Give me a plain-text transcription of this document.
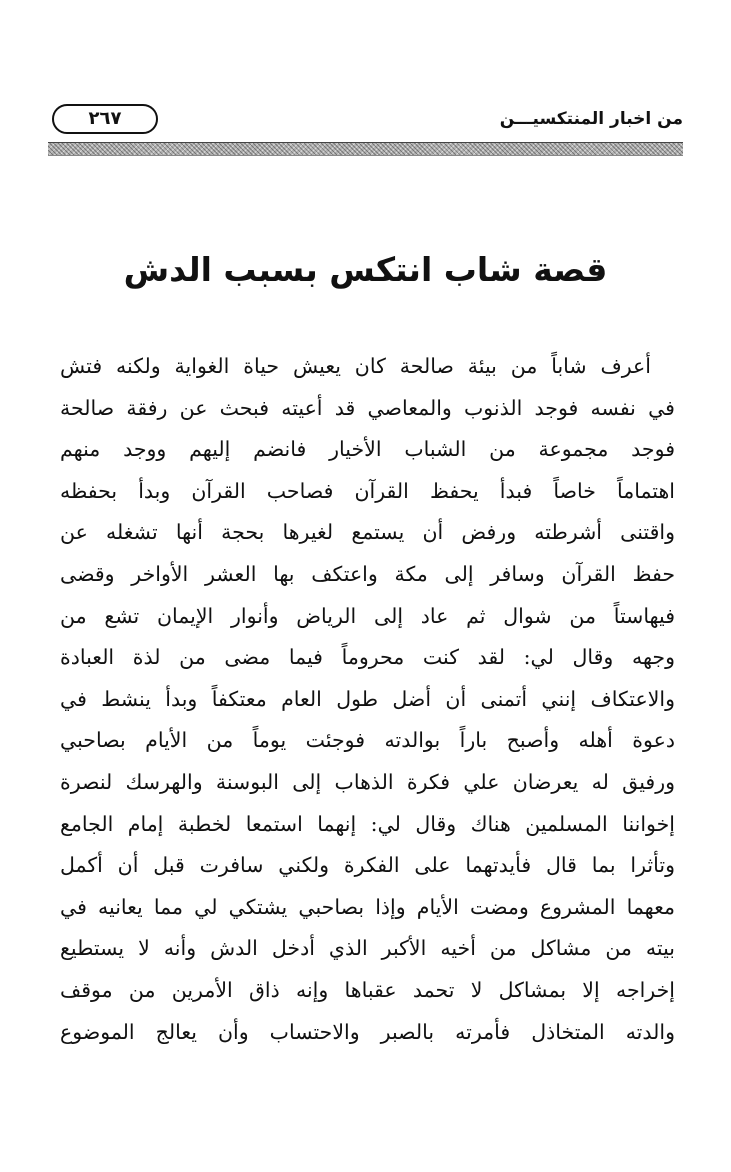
من اخبار المنتكسيـــن
٢٦٧
قصة شاب انتكس بسبب الدش
أعرف شاباً من بيئة صالحة كان يعيش حياة الغواية ولكنه فتش
في نفسه فوجد الذنوب والمعاصي قد أعيته فبحث عن رفقة صالحة
فوجد مجموعة من الشباب الأخيار فانضم إليهم ووجد منهم
اهتماماً خاصاً فبدأ يحفظ القرآن فصاحب القرآن وبدأ بحفظه
واقتنى أشرطته ورفض أن يستمع لغيرها بحجة أنها تشغله عن
حفظ القرآن وسافر إلى مكة واعتكف بها العشر الأواخر وقضى
فيهاستاً من شوال ثم عاد إلى الرياض وأنوار الإيمان تشع من
وجهه وقال لي: لقد كنت محروماً فيما مضى من لذة العبادة
والاعتكاف إنني أتمنى أن أضل طول العام معتكفاً وبدأ ينشط في
دعوة أهله وأصبح باراً بوالدته فوجئت يوماً من الأيام بصاحبي
ورفيق له يعرضان علي فكرة الذهاب إلى البوسنة والهرسك لنصرة
إخواننا المسلمين هناك وقال لي: إنهما استمعا لخطبة إمام الجامع
وتأثرا بما قال فأيدتهما على الفكرة ولكني سافرت قبل أن أكمل
معهما المشروع ومضت الأيام وإذا بصاحبي يشتكي لي مما يعانيه في
بيته من مشاكل من أخيه الأكبر الذي أدخل الدش وأنه لا يستطيع
إخراجه إلا بمشاكل لا تحمد عقباها وإنه ذاق الأمرين من موقف
والدته المتخاذل فأمرته بالصبر والاحتساب وأن يعالج الموضوع
